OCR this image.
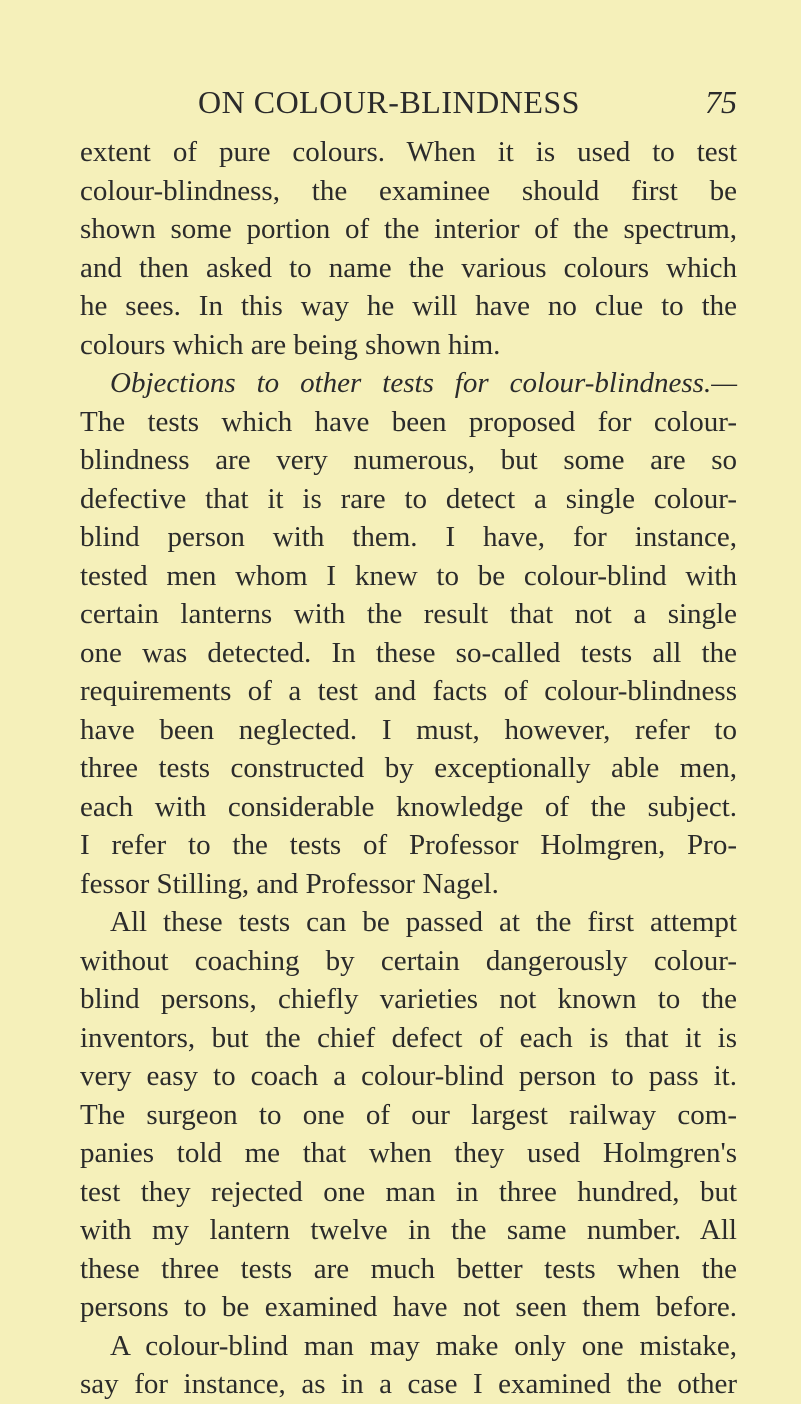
ON COLOUR-BLINDNESS	75
extent of pure colours. When it is used to test
colour-blindness, the examinee should first be
shown some portion of the interior of the spectrum,
and then asked to name the various colours which
he sees. In this way he will have no clue to the
colours which are being shown him.
Objections to other tests for colour-blindness.—
The tests which have been proposed for colour-
blindness are very numerous, but some are so
defective that it is rare to detect a single colour-
blind person with them. I have, for instance,
tested men whom I knew to be colour-blind with
certain lanterns with the result that not a single
one was detected. In these so-called tests all the
requirements of a test and facts of colour-blindness
have been neglected. I must, however, refer to
three tests constructed by exceptionally able men,
each with considerable knowledge of the subject.
I refer to the tests of Professor Holmgren, Pro-
fessor Stilling, and Professor Nagel.
All these tests can be passed at the first attempt
without coaching by certain dangerously colour-
blind persons, chiefly varieties not known to the
inventors, but the chief defect of each is that it is
very easy to coach a colour-blind person to pass it.
The surgeon to one of our largest railway com-
panies told me that when they used Holmgren's
test they rejected one man in three hundred, but
with my lantern twelve in the same number. All
these three tests are much better tests when the
persons to be examined have not seen them before.
A colour-blind man may make only one mistake,
say for instance, as in a case I examined the other
